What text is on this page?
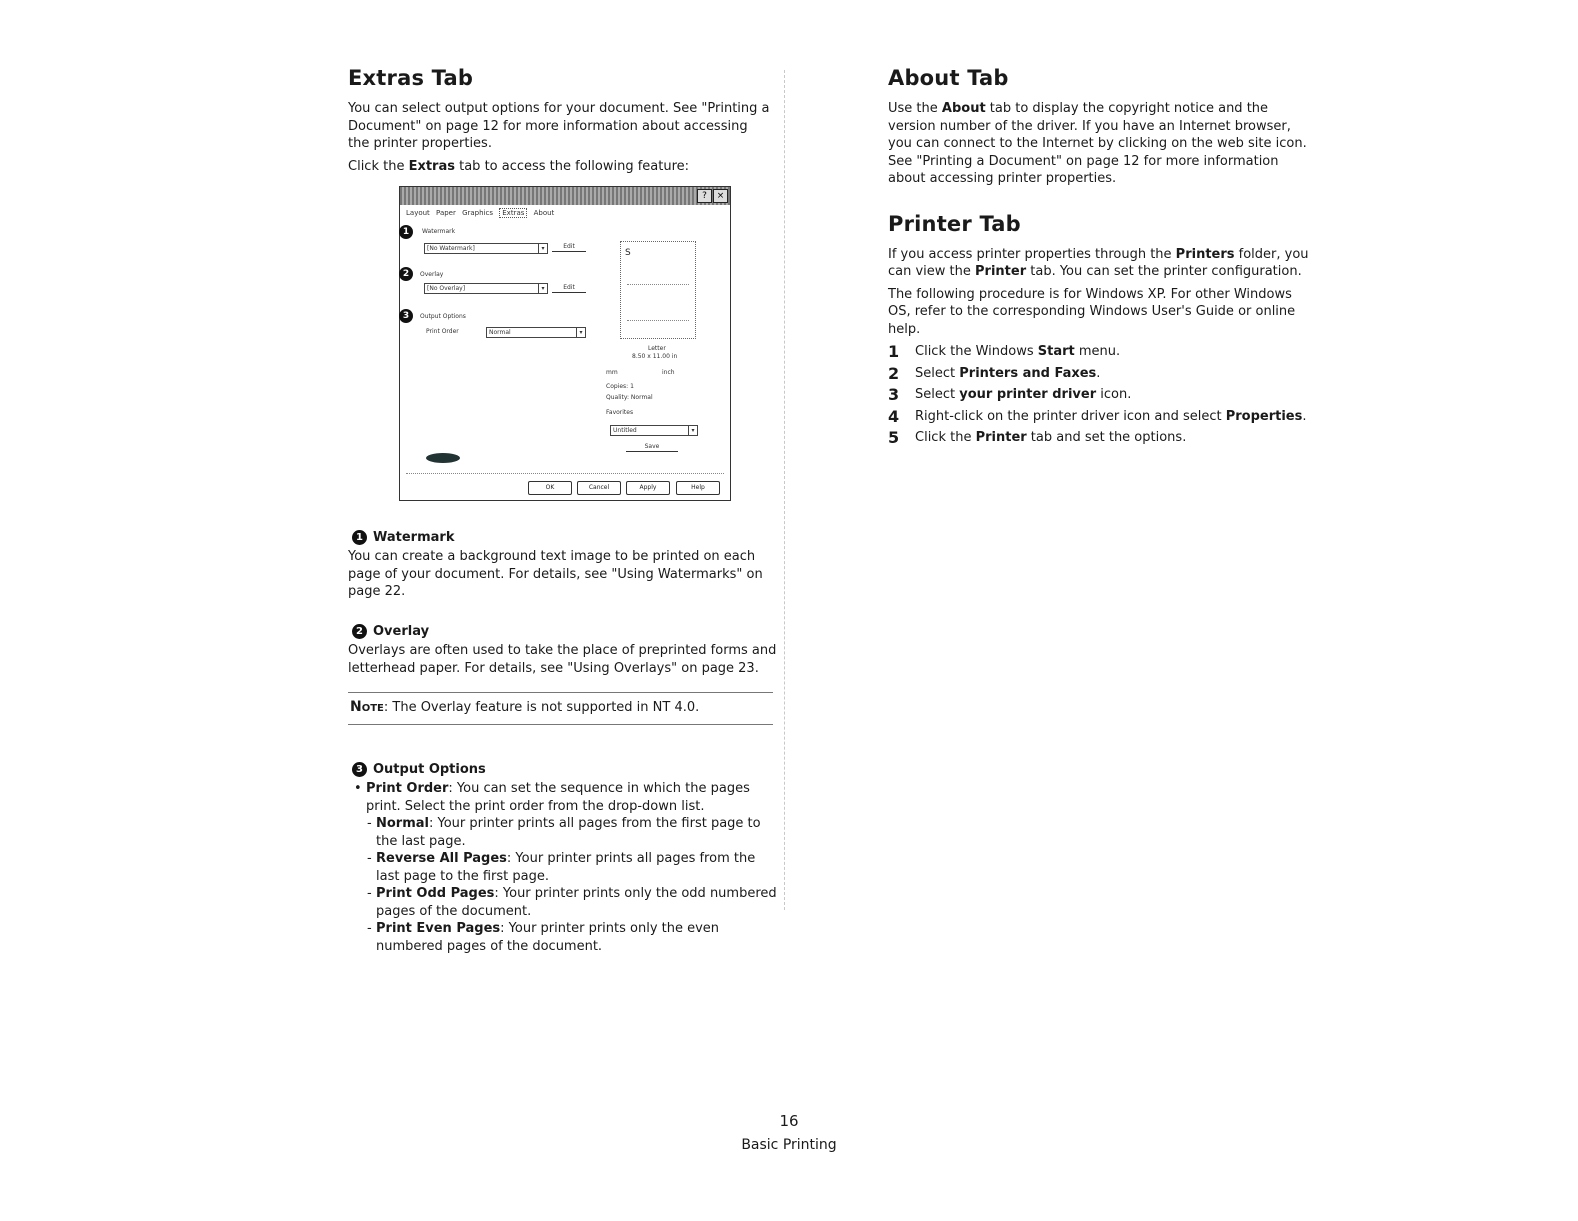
Extras Tab

You can select output options for your document. See "Printing a Document" on page 12 for more information about accessing the printer properties.

Click the Extras tab to access the following feature:

?	×
Layout Paper Graphics Extras About
1	Watermark
[No Watermark]	▾	Edit
2	Overlay
[No Overlay]	▾	Edit
3	Output Options
Print Order	Normal	▾
S
Letter
8.50 x 11.00 in
mm	inch
Copies: 1
Quality: Normal
Favorites
Untitled	▾
Save
OK	Cancel	Apply	Help
1 Watermark

You can create a background text image to be printed on each page of your document. For details, see "Using Watermarks" on page 22.

2 Overlay

Overlays are often used to take the place of preprinted forms and letterhead paper. For details, see "Using Overlays" on page 23.

Note: The Overlay feature is not supported in NT 4.0.

3 Output Options
• Print Order: You can set the sequence in which the pages print. Select the print order from the drop-down list.
- Normal: Your printer prints all pages from the first page to the last page.
- Reverse All Pages: Your printer prints all pages from the last page to the first page.
- Print Odd Pages: Your printer prints only the odd numbered pages of the document.
- Print Even Pages: Your printer prints only the even numbered pages of the document.
About Tab

Use the About tab to display the copyright notice and the version number of the driver. If you have an Internet browser, you can connect to the Internet by clicking on the web site icon. See "Printing a Document" on page 12 for more information about accessing printer properties.

Printer Tab

If you access printer properties through the Printers folder, you can view the Printer tab. You can set the printer configuration.

The following procedure is for Windows XP. For other Windows OS, refer to the corresponding Windows User's Guide or online help.

1	Click the Windows Start menu.
2	Select Printers and Faxes.
3	Select your printer driver icon.
4	Right-click on the printer driver icon and select Properties.
5	Click the Printer tab and set the options.
16
Basic Printing
